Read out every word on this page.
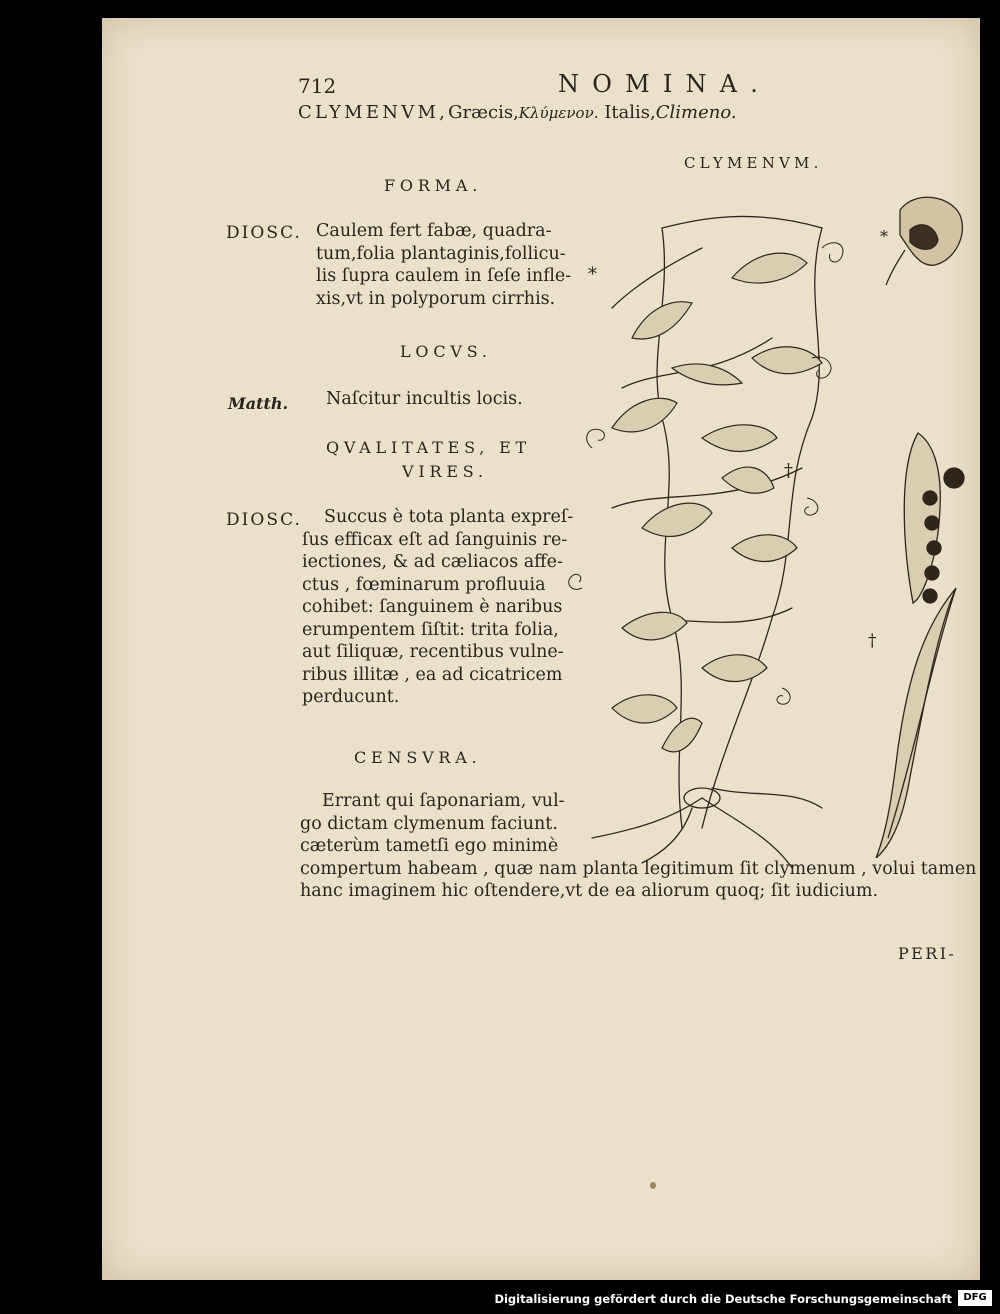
712	NOMINA.
CLYMENVM,Græcis,Κλύμενον. Italis,Climeno.
CLYMENVM.
FORMA.
DIOSC. Caulem fert fabæ, quadra-
tum,folia plantaginis,follicu-
lis ſupra caulem in ſeſe infle-
xis,vt in polyporum cirrhis.
LOCVS.
Matth. Naſcitur incultis locis.
QVALITATES, ET
VIRES.
DIOSC.	Succus è tota planta expreſ-
ſus efficax eſt ad ſanguinis re-
iectiones, & ad cæliacos affe-
ctus , fœminarum profluuia
cohibet: ſanguinem è naribus
erumpentem ſiſtit: trita folia,
aut ſiliquæ, recentibus vulne-
ribus illitæ , ea ad cicatricem
perducunt.
CENSVRA.
Errant qui ſaponariam, vul-
go dictam clymenum faciunt.
cæterùm tametſi ego minimè
compertum habeam , quæ nam planta legitimum ſit clymenum , volui tamen
hanc imaginem hic oſtendere,vt de ea aliorum quoq; ſit iudicium.
PERI-
*
†
*
†
Digitalisierung gefördert durch die Deutsche Forschungsgemeinschaft	DFG
